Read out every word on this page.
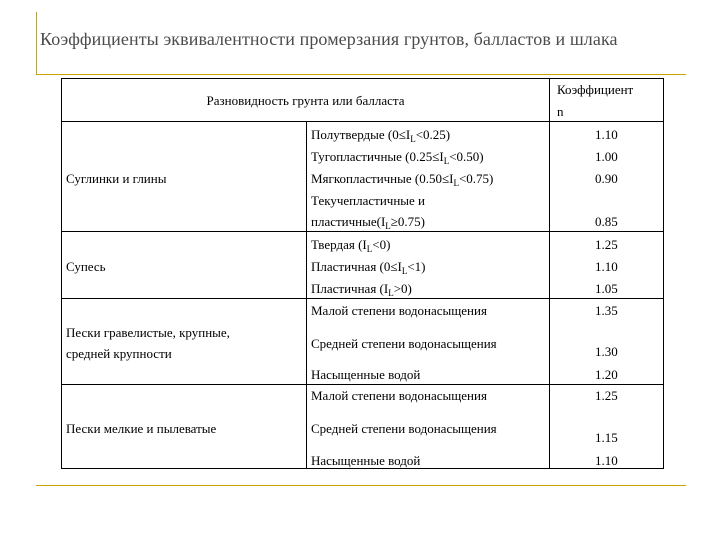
Коэффициенты эквивалентности промерзания грунтов, балластов и шлака
Разновидность грунта или балласта
Коэффициент
n
Суглинки и глины
Полутвердые $(0\le I_L<0.25)$
Тугопластичные $(0.25\le I_L<0.50)$
Мягкопластичные $(0.50\le I_L<0.75)$
Текучепластичные и
$пластичные(I_L\ge 0.75)$
1.10
1.00
0.90
0.85
Супесь
Твердая $(I_L<0)$
Пластичная $(0\le I_L<1)$
Пластичная $(I_L>0)$
1.25
1.10
1.05
Пески гравелистые, крупные,
средней крупности
Малой степени водонасыщения
Средней степени водонасыщения
Насыщенные водой
1.35
1.30
1.20
Пески мелкие и пылеватые
Малой степени водонасыщения
Средней степени водонасыщения
Насыщенные водой
1.25
1.15
1.10
